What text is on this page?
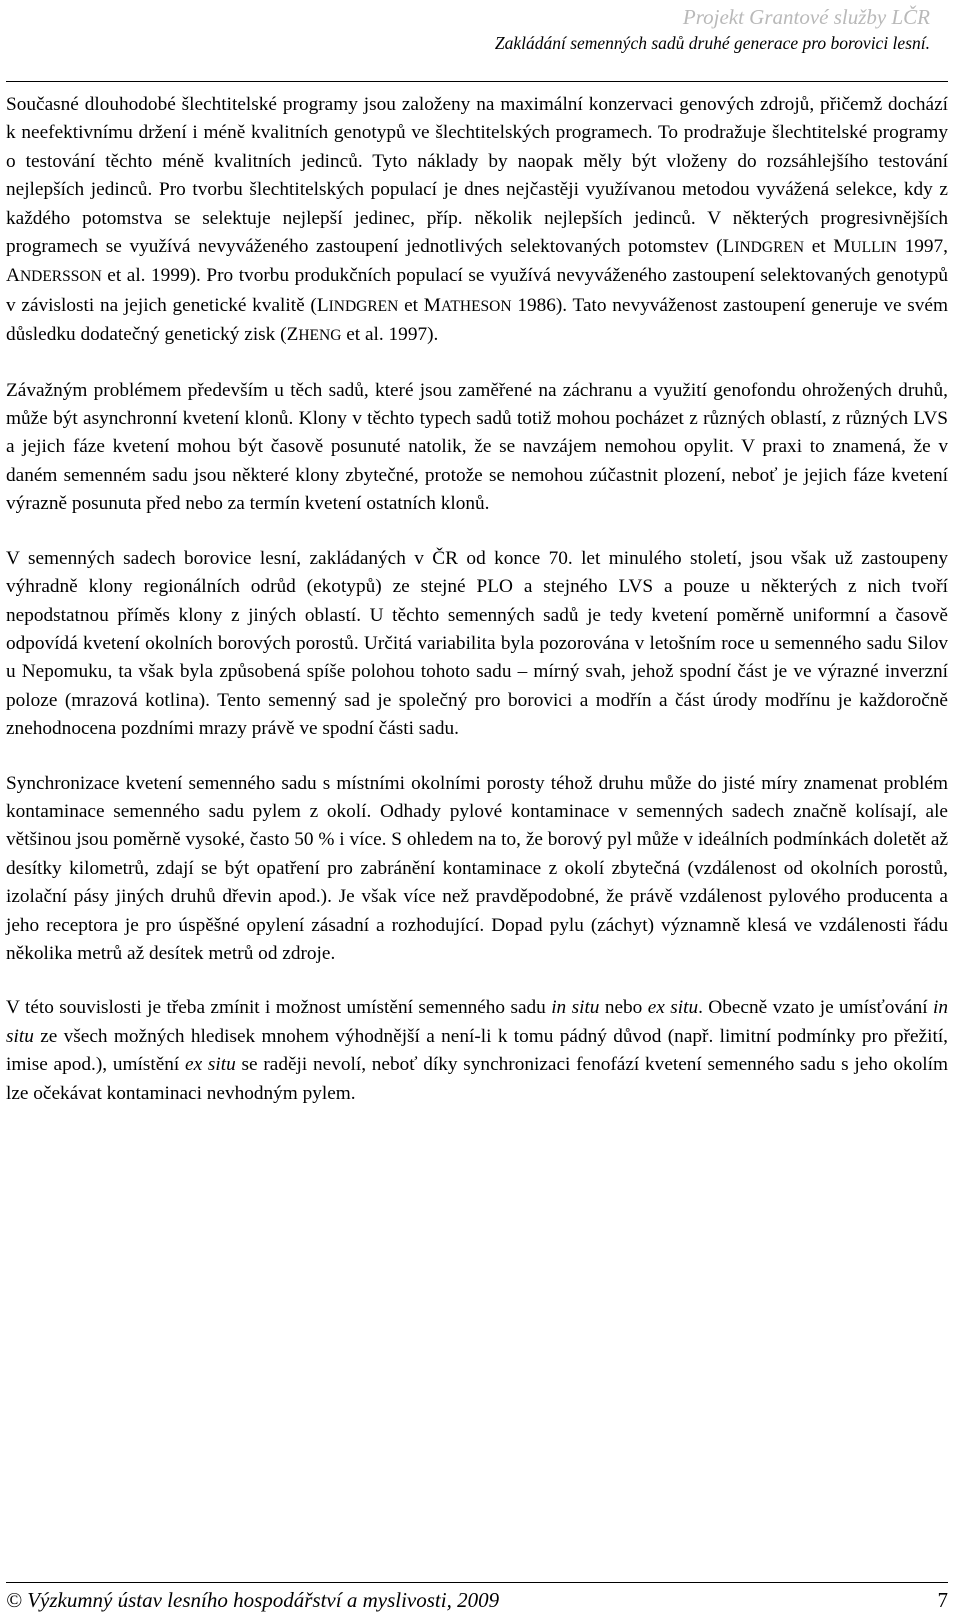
Projekt Grantové služby LČR
Zakládání semenných sadů druhé generace pro borovici lesní.

Současné dlouhodobé šlechtitelské programy jsou založeny na maximální konzervaci genových zdrojů, přičemž dochází k neefektivnímu držení i méně kvalitních genotypů ve šlechtitelských programech. To prodražuje šlechtitelské programy o testování těchto méně kvalitních jedinců. Tyto náklady by naopak měly být vloženy do rozsáhlejšího testování nejlepších jedinců. Pro tvorbu šlechtitelských populací je dnes nejčastěji využívanou metodou vyvážená selekce, kdy z každého potomstva se selektuje nejlepší jedinec, příp. několik nejlepších jedinců. V některých progresivnějších programech se využívá nevyváženého zastoupení jednotlivých selektovaných potomstev (LINDGREN et MULLIN 1997, ANDERSSON et al. 1999). Pro tvorbu produkčních populací se využívá nevyváženého zastoupení selektovaných genotypů v závislosti na jejich genetické kvalitě (LINDGREN et MATHESON 1986). Tato nevyváženost zastoupení generuje ve svém důsledku dodatečný genetický zisk (ZHENG et al. 1997).

Závažným problémem především u těch sadů, které jsou zaměřené na záchranu a využití genofondu ohrožených druhů, může být asynchronní kvetení klonů. Klony v těchto typech sadů totiž mohou pocházet z různých oblastí, z různých LVS a jejich fáze kvetení mohou být časově posunuté natolik, že se navzájem nemohou opylit. V praxi to znamená, že v daném semenném sadu jsou některé klony zbytečné, protože se nemohou zúčastnit plození, neboť je jejich fáze kvetení výrazně posunuta před nebo za termín kvetení ostatních klonů.

V semenných sadech borovice lesní, zakládaných v ČR od konce 70. let minulého století, jsou však už zastoupeny výhradně klony regionálních odrůd (ekotypů) ze stejné PLO a stejného LVS a pouze u některých z nich tvoří nepodstatnou příměs klony z jiných oblastí. U těchto semenných sadů je tedy kvetení poměrně uniformní a časově odpovídá kvetení okolních borových porostů. Určitá variabilita byla pozorována v letošním roce u semenného sadu Silov u Nepomuku, ta však byla způsobená spíše polohou tohoto sadu – mírný svah, jehož spodní část je ve výrazné inverzní poloze (mrazová kotlina). Tento semenný sad je společný pro borovici a modřín a část úrody modřínu je každoročně znehodnocena pozdními mrazy právě ve spodní části sadu.

Synchronizace kvetení semenného sadu s místními okolními porosty téhož druhu může do jisté míry znamenat problém kontaminace semenného sadu pylem z okolí. Odhady pylové kontaminace v semenných sadech značně kolísají, ale většinou jsou poměrně vysoké, často 50 % i více. S ohledem na to, že borový pyl může v ideálních podmínkách doletět až desítky kilometrů, zdají se být opatření pro zabránění kontaminace z okolí zbytečná (vzdálenost od okolních porostů, izolační pásy jiných druhů dřevin apod.). Je však více než pravděpodobné, že právě vzdálenost pylového producenta a jeho receptora je pro úspěšné opylení zásadní a rozhodující. Dopad pylu (záchyt) významně klesá ve vzdálenosti řádu několika metrů až desítek metrů od zdroje.

V této souvislosti je třeba zmínit i možnost umístění semenného sadu in situ nebo ex situ. Obecně vzato je umísťování in situ ze všech možných hledisek mnohem výhodnější a není-li k tomu pádný důvod (např. limitní podmínky pro přežití, imise apod.), umístění ex situ se raději nevolí, neboť díky synchronizaci fenofází kvetení semenného sadu s jeho okolím lze očekávat kontaminaci nevhodným pylem.

© Výzkumný ústav lesního hospodářství a myslivosti, 2009	7
